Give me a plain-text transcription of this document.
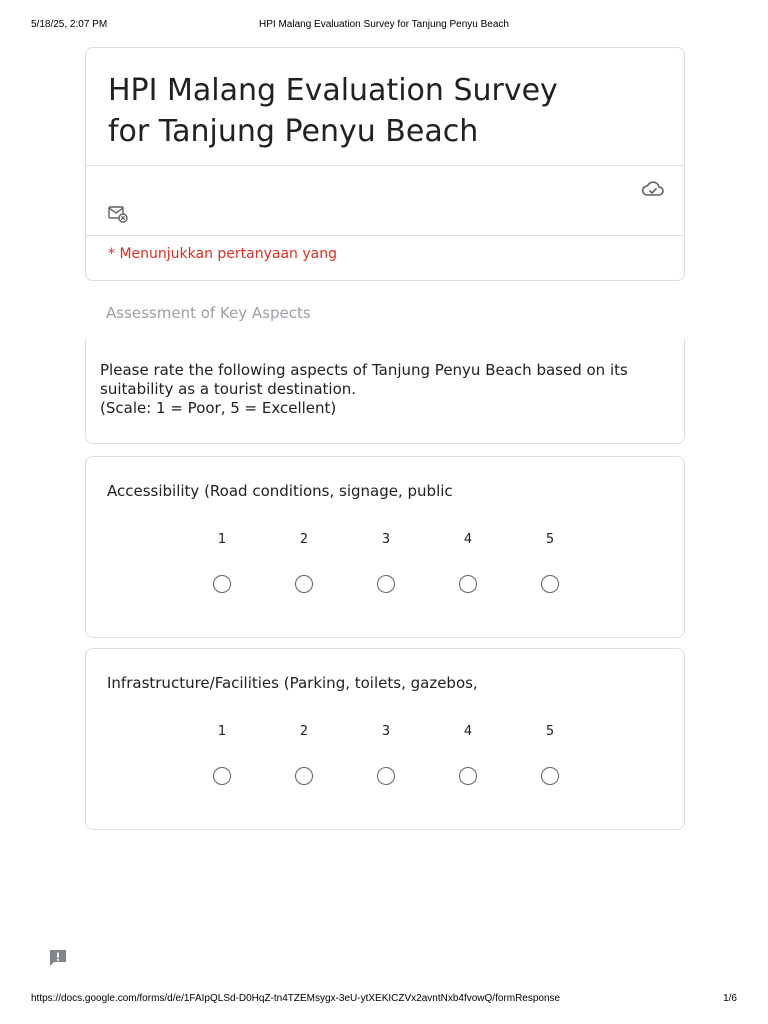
5/18/25, 2:07 PM	HPI Malang Evaluation Survey for Tanjung Penyu Beach
HPI Malang Evaluation Survey for Tanjung Penyu Beach

* Menunjukkan pertanyaan yang
Assessment of Key Aspects
Please rate the following aspects of Tanjung Penyu Beach based on its suitability as a tourist destination.
(Scale: 1 = Poor, 5 = Excellent)
Accessibility (Road conditions, signage, public
1	2	3	4	5
Infrastructure/Facilities (Parking, toilets, gazebos,
1	2	3	4	5
https://docs.google.com/forms/d/e/1FAIpQLSd-D0HqZ-tn4TZEMsygx-3eU-ytXEKICZVx2avntNxb4fvowQ/formResponse	1/6
